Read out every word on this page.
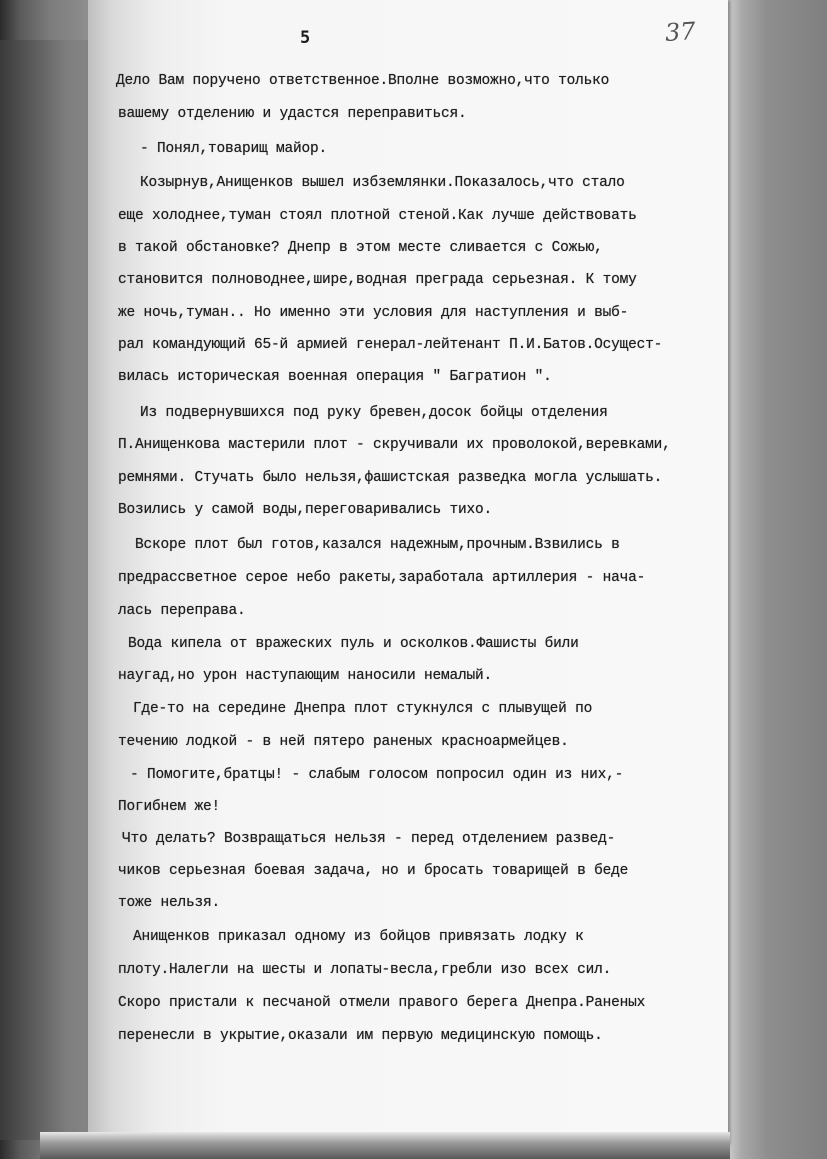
5	37
Дело Вам поручено ответственное.Вполне возможно,что только
вашему отделению и удастся переправиться.
- Понял,товарищ майор.
Козырнув,Анищенков вышел избземлянки.Показалось,что стало
еще холоднее,туман стоял плотной стеной.Как лучше действовать
в такой обстановке? Днепр в этом месте сливается с Сожью,
становится полноводнее,шире,водная преграда серьезная. К тому
же ночь,туман.. Но именно эти условия для наступления и выб-
рал командующий 65-й армией генерал-лейтенант П.И.Батов.Осущест-
вилась историческая военная операция " Багратион ".
Из подвернувшихся под руку бревен,досок бойцы отделения
П.Анищенкова мастерили плот - скручивали их проволокой,веревками,
ремнями. Стучать было нельзя,фашистская разведка могла услышать.
Возились у самой воды,переговаривались тихо.
Вскоре плот был готов,казался надежным,прочным.Взвились в
предрассветное серое небо ракеты,заработала артиллерия - нача-
лась переправа.
Вода кипела от вражеских пуль и осколков.Фашисты били
наугад,но урон наступающим наносили немалый.
Где-то на середине Днепра плот стукнулся с плывущей по
течению лодкой - в ней пятеро раненых красноармейцев.
- Помогите,братцы! - слабым голосом попросил один из них,-
Погибнем же!
Что делать? Возвращаться нельзя - перед отделением развед-
чиков серьезная боевая задача, но и бросать товарищей в беде
тоже нельзя.
Анищенков приказал одному из бойцов привязать лодку к
плоту.Налегли на шесты и лопаты-весла,гребли изо всех сил.
Скоро пристали к песчаной отмели правого берега Днепра.Раненых
перенесли в укрытие,оказали им первую медицинскую помощь.
